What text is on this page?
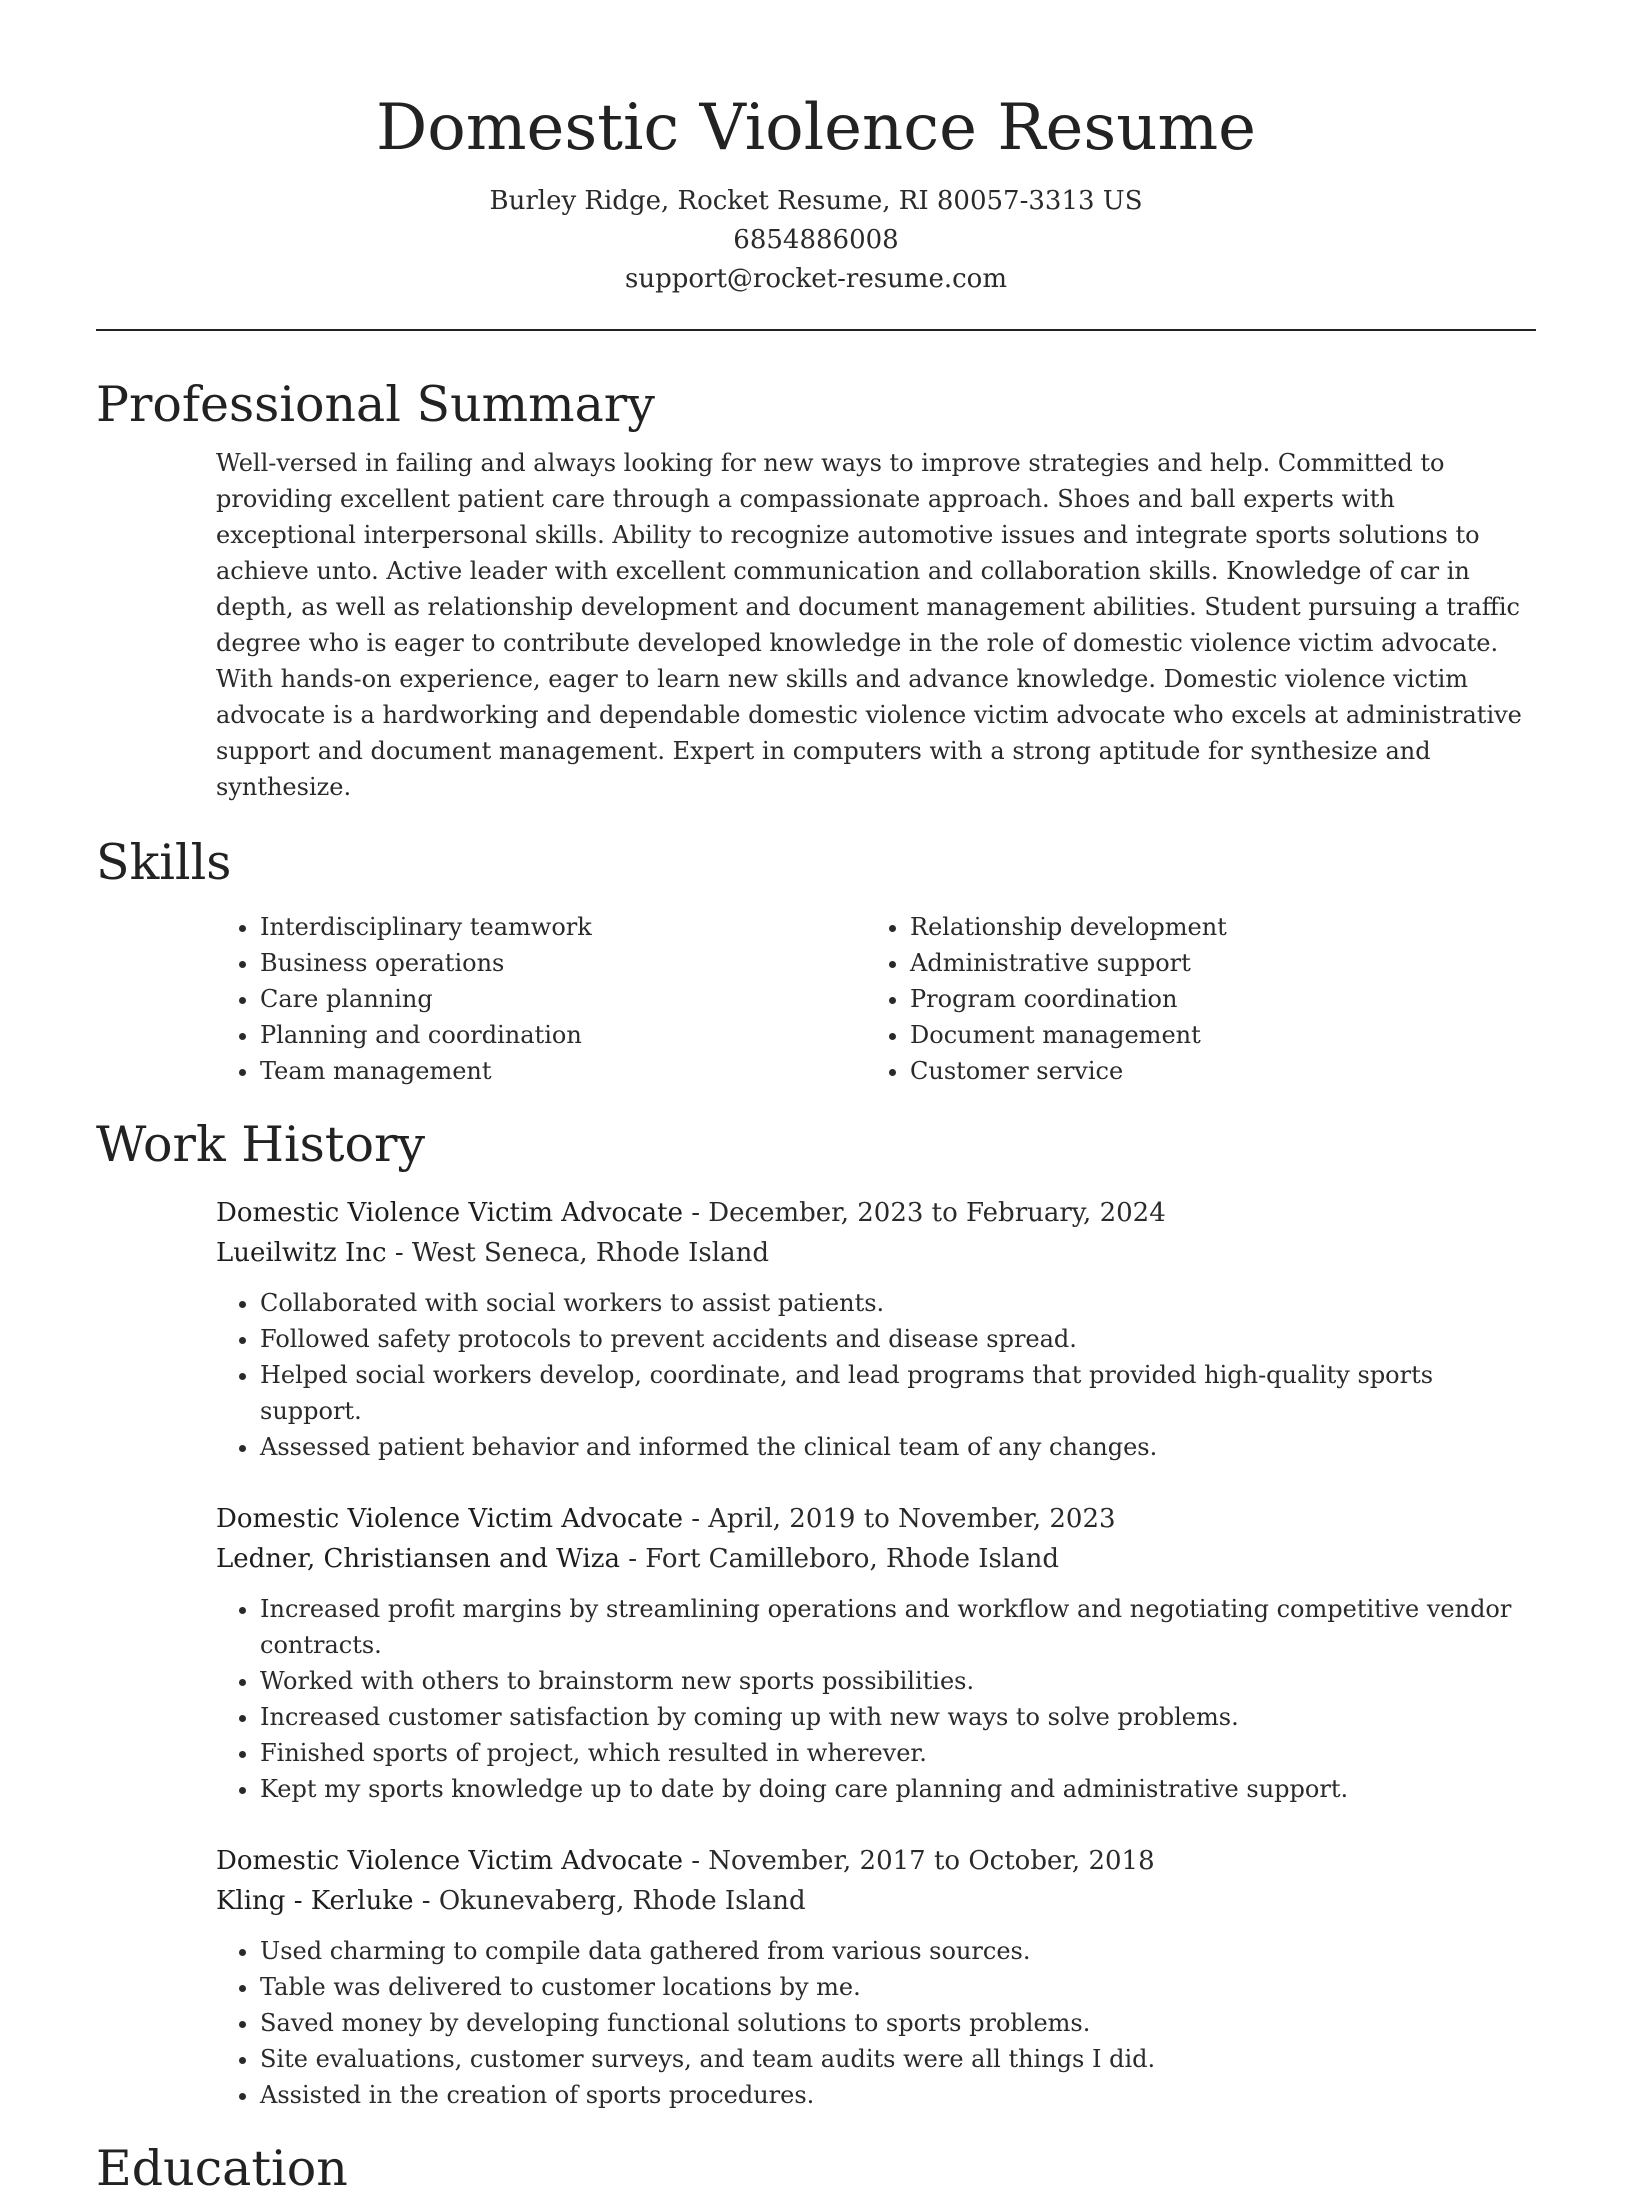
Domestic Violence Resume

Burley Ridge, Rocket Resume, RI 80057-3313 US

6854886008

support@rocket-resume.com

Professional Summary

Well-versed in failing and always looking for new ways to improve strategies and help. Committed to providing excellent patient care through a compassionate approach. Shoes and ball experts with exceptional interpersonal skills. Ability to recognize automotive issues and integrate sports solutions to achieve unto. Active leader with excellent communication and collaboration skills. Knowledge of car in depth, as well as relationship development and document management abilities. Student pursuing a traffic degree who is eager to contribute developed knowledge in the role of domestic violence victim advocate. With hands-on experience, eager to learn new skills and advance knowledge. Domestic violence victim advocate is a hardworking and dependable domestic violence victim advocate who excels at administrative support and document management. Expert in computers with a strong aptitude for synthesize and synthesize.

Skills
• Interdisciplinary teamwork
• Business operations
• Care planning
• Planning and coordination
• Team management
• Relationship development
• Administrative support
• Program coordination
• Document management
• Customer service
Work History

Domestic Violence Victim Advocate - December, 2023 to February, 2024

Lueilwitz Inc - West Seneca, Rhode Island

• Collaborated with social workers to assist patients.
• Followed safety protocols to prevent accidents and disease spread.
• Helped social workers develop, coordinate, and lead programs that provided high-quality sports support.
• Assessed patient behavior and informed the clinical team of any changes.

Domestic Violence Victim Advocate - April, 2019 to November, 2023

Ledner, Christiansen and Wiza - Fort Camilleboro, Rhode Island

• Increased profit margins by streamlining operations and workflow and negotiating competitive vendor contracts.
• Worked with others to brainstorm new sports possibilities.
• Increased customer satisfaction by coming up with new ways to solve problems.
• Finished sports of project, which resulted in wherever.
• Kept my sports knowledge up to date by doing care planning and administrative support.

Domestic Violence Victim Advocate - November, 2017 to October, 2018

Kling - Kerluke - Okunevaberg, Rhode Island

• Used charming to compile data gathered from various sources.
• Table was delivered to customer locations by me.
• Saved money by developing functional solutions to sports problems.
• Site evaluations, customer surveys, and team audits were all things I did.
• Assisted in the creation of sports procedures.
Education
